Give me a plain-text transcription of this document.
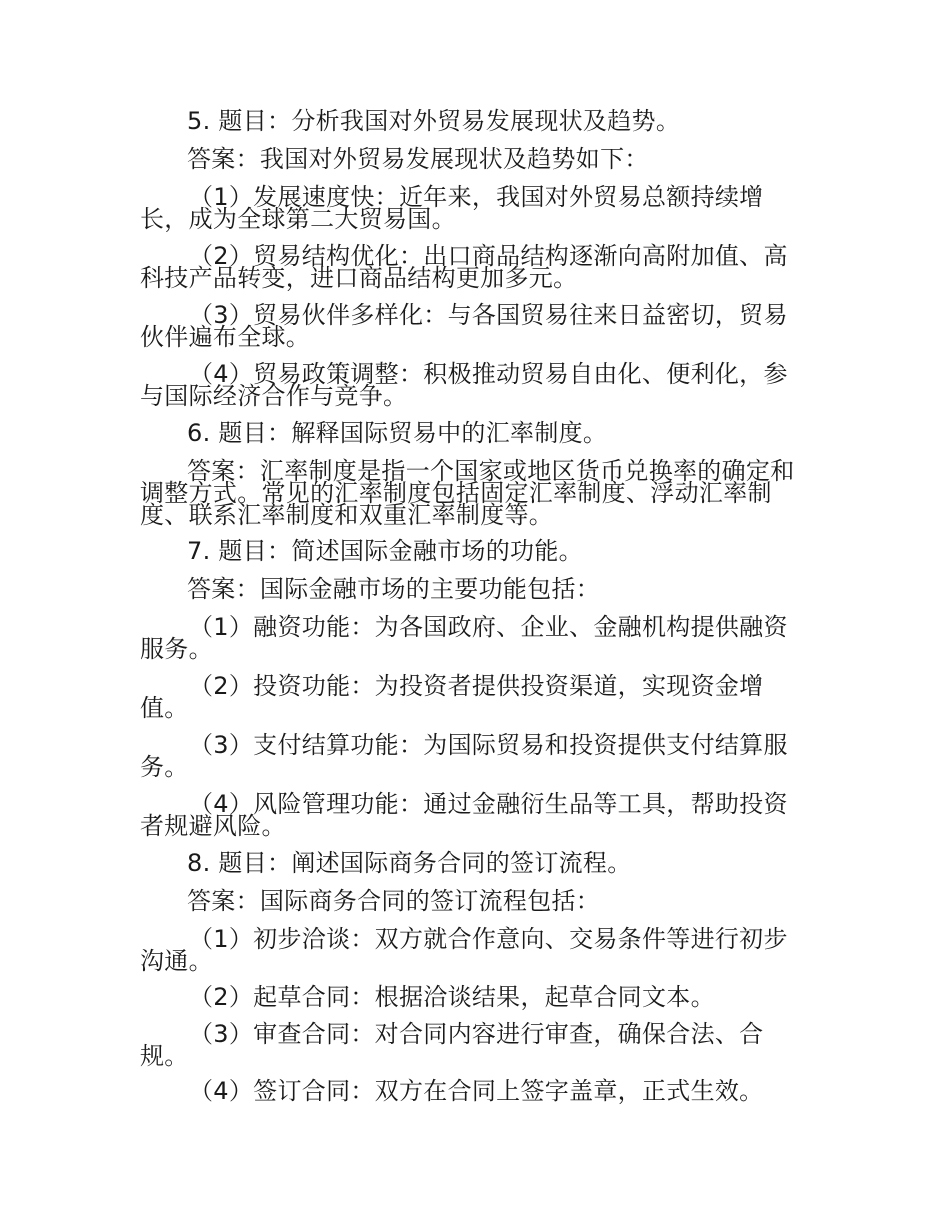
5. 题目：分析我国对外贸易发展现状及趋势。
答案：我国对外贸易发展现状及趋势如下：
（1）发展速度快：近年来，我国对外贸易总额持续增
长，成为全球第二大贸易国。
（2）贸易结构优化：出口商品结构逐渐向高附加值、高
科技产品转变，进口商品结构更加多元。
（3）贸易伙伴多样化：与各国贸易往来日益密切，贸易
伙伴遍布全球。
（4）贸易政策调整：积极推动贸易自由化、便利化，参
与国际经济合作与竞争。
6. 题目：解释国际贸易中的汇率制度。
答案：汇率制度是指一个国家或地区货币兑换率的确定和
调整方式。常见的汇率制度包括固定汇率制度、浮动汇率制
度、联系汇率制度和双重汇率制度等。
7. 题目：简述国际金融市场的功能。
答案：国际金融市场的主要功能包括：
（1）融资功能：为各国政府、企业、金融机构提供融资
服务。
（2）投资功能：为投资者提供投资渠道，实现资金增
值。
（3）支付结算功能：为国际贸易和投资提供支付结算服
务。
（4）风险管理功能：通过金融衍生品等工具，帮助投资
者规避风险。
8. 题目：阐述国际商务合同的签订流程。
答案：国际商务合同的签订流程包括：
（1）初步洽谈：双方就合作意向、交易条件等进行初步
沟通。
（2）起草合同：根据洽谈结果，起草合同文本。
（3）审查合同：对合同内容进行审查，确保合法、合
规。
（4）签订合同：双方在合同上签字盖章，正式生效。
